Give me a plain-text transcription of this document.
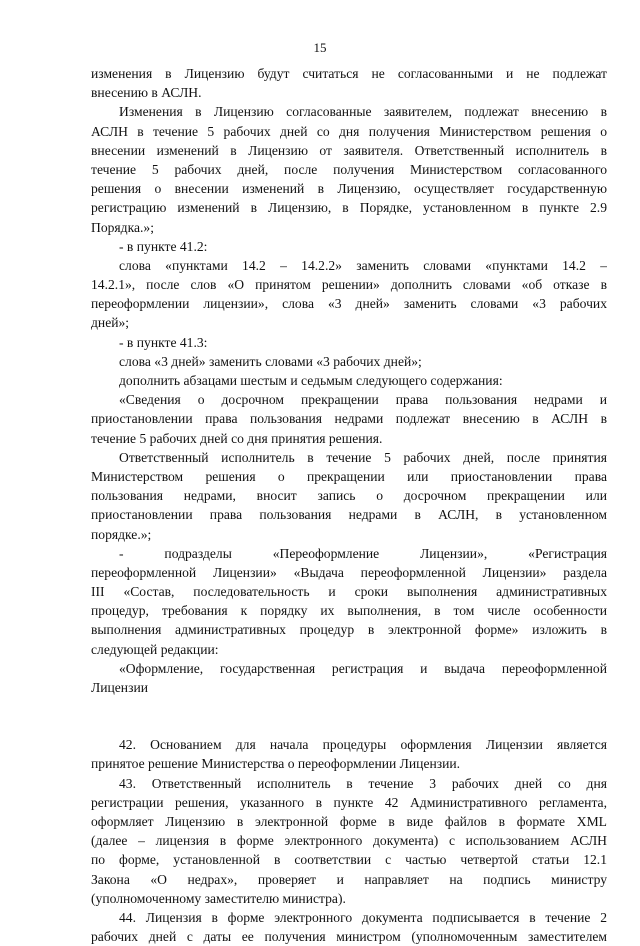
15
изменения в Лицензию будут считаться не согласованными и не подлежат
внесению в АСЛН.
Изменения в Лицензию согласованные заявителем, подлежат внесению в
АСЛН в течение 5 рабочих дней со дня получения Министерством решения о
внесении изменений в Лицензию от заявителя. Ответственный исполнитель в
течение 5 рабочих дней, после получения Министерством согласованного
решения о внесении изменений в Лицензию, осуществляет государственную
регистрацию изменений в Лицензию, в Порядке, установленном в пункте 2.9
Порядка.»;
- в пункте 41.2:
слова «пунктами 14.2 – 14.2.2» заменить словами «пунктами 14.2 –
14.2.1», после слов «О принятом решении» дополнить словами «об отказе в
переоформлении лицензии», слова «3 дней» заменить словами «3 рабочих
дней»;
- в пункте 41.3:
слова «3 дней» заменить словами «3 рабочих дней»;
дополнить абзацами шестым и седьмым следующего содержания:
«Сведения о досрочном прекращении права пользования недрами и
приостановлении права пользования недрами подлежат внесению в АСЛН в
течение 5 рабочих дней со дня принятия решения.
Ответственный исполнитель в течение 5 рабочих дней, после принятия
Министерством решения о прекращении или приостановлении права
пользования недрами, вносит запись о досрочном прекращении или
приостановлении права пользования недрами в АСЛН, в установленном
порядке.»;
- подразделы «Переоформление Лицензии», «Регистрация
переоформленной Лицензии» «Выдача переоформленной Лицензии» раздела
III «Состав, последовательность и сроки выполнения административных
процедур, требования к порядку их выполнения, в том числе особенности
выполнения административных процедур в электронной форме» изложить в
следующей редакции:
«Оформление, государственная регистрация и выдача переоформленной
Лицензии
42. Основанием для начала процедуры оформления Лицензии является
принятое решение Министерства о переоформлении Лицензии.
43. Ответственный исполнитель в течение 3 рабочих дней со дня
регистрации решения, указанного в пункте 42 Административного регламента,
оформляет Лицензию в электронной форме в виде файлов в формате XML
(далее – лицензия в форме электронного документа) с использованием АСЛН
по форме, установленной в соответствии с частью четвертой статьи 12.1
Закона «О недрах», проверяет и направляет на подпись министру
(уполномоченному заместителю министра).
44. Лицензия в форме электронного документа подписывается в течение 2
рабочих дней с даты ее получения министром (уполномоченным заместителем
